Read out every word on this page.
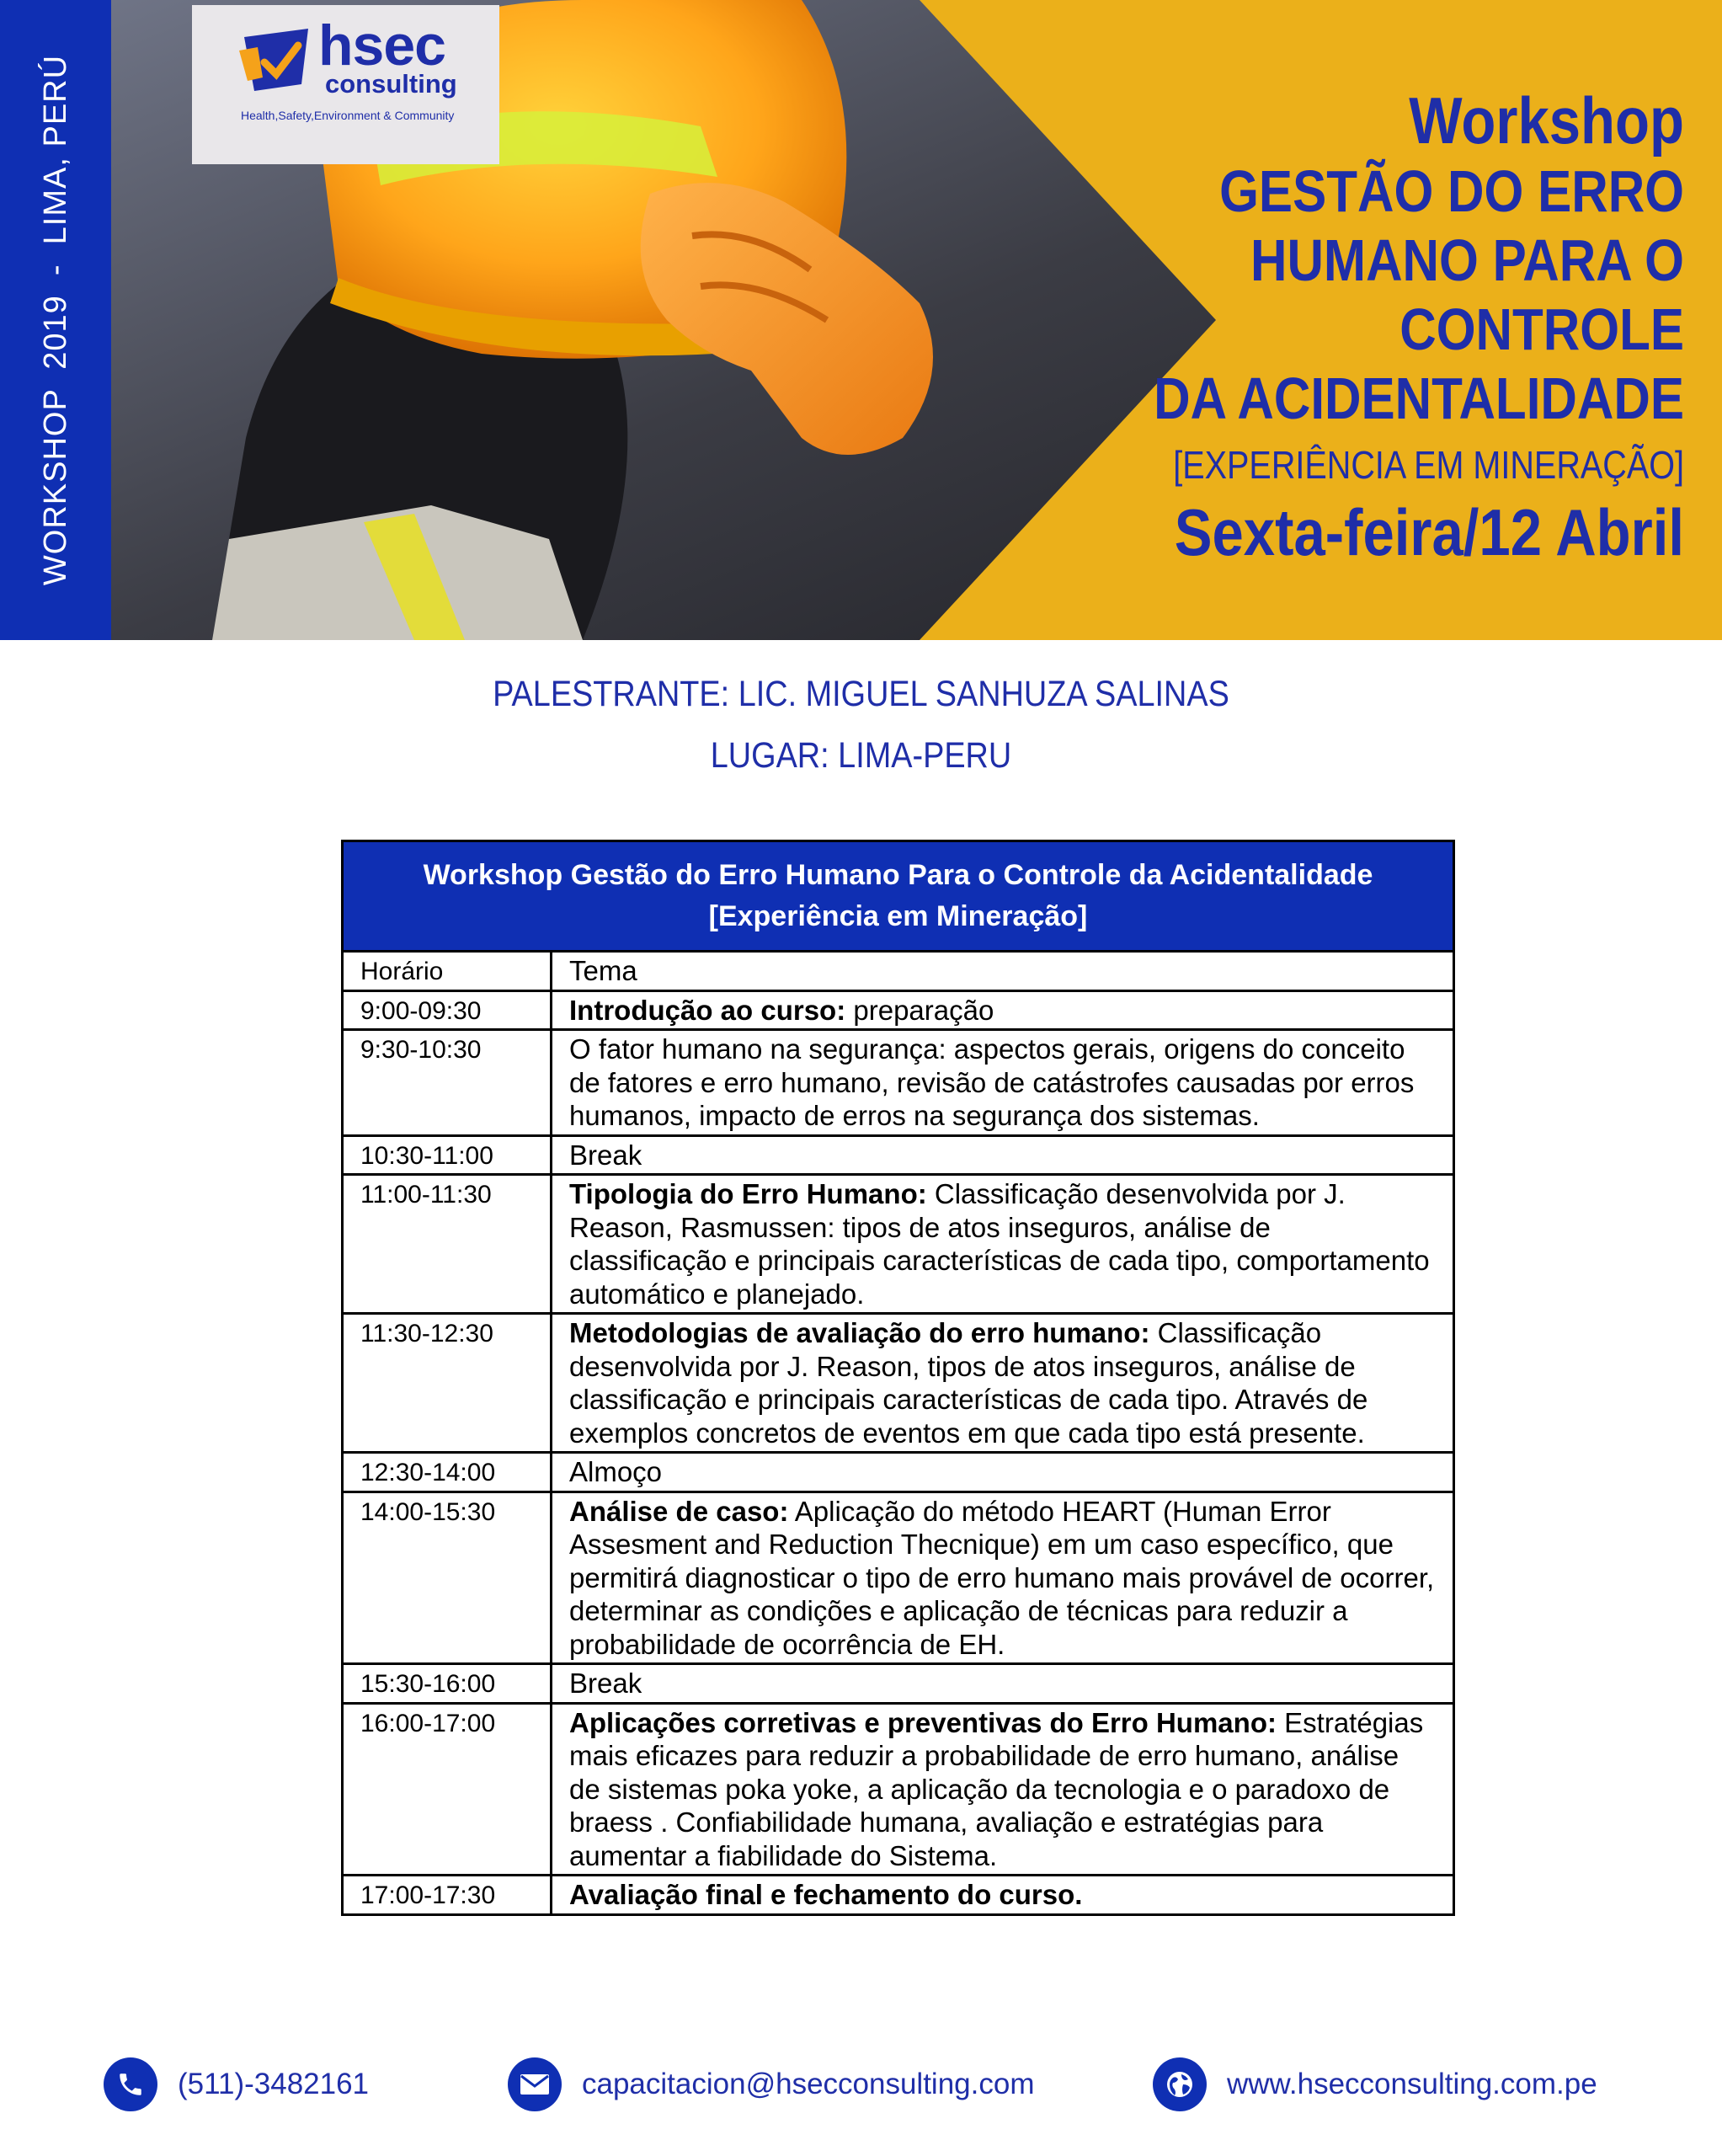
WORKSHOP  2019  -  LIMA, PERÚ
hsec
consulting
Health,Safety,Environment & Community	Workshop
GESTÃO DO ERRO
HUMANO PARA O
CONTROLE
DA ACIDENTALIDADE
[EXPERIÊNCIA EM MINERAÇÃO]
Sexta-feira/12 Abril
PALESTRANTE: LIC. MIGUEL SANHUZA SALINAS
LUGAR: LIMA-PERU
Workshop Gestão do Erro Humano Para o Controle da Acidentalidade
[Experiência em Mineração]
Horário	Tema
9:00-09:30	Introdução ao curso: preparação
9:30-10:30	O fator humano na segurança: aspectos gerais, origens do conceito de fatores e erro humano, revisão de catástrofes causadas por erros humanos, impacto de erros na segurança dos sistemas.
10:30-11:00	Break
11:00-11:30	Tipologia do Erro Humano: Classificação desenvolvida por J. Reason, Rasmussen: tipos de atos inseguros, análise de classificação e principais características de cada tipo, comportamento automático e planejado.
11:30-12:30	Metodologias de avaliação do erro humano: Classificação desenvolvida por J. Reason, tipos de atos inseguros, análise de classificação e principais características de cada tipo. Através de exemplos concretos de eventos em que cada tipo está presente.
12:30-14:00	Almoço
14:00-15:30	Análise de caso: Aplicação do método HEART (Human Error Assesment and Reduction Thecnique) em um caso específico, que permitirá diagnosticar o tipo de erro humano mais provável de ocorrer, determinar as condições e aplicação de técnicas para reduzir a probabilidade de ocorrência de EH.
15:30-16:00	Break
16:00-17:00	Aplicações corretivas e preventivas do Erro Humano: Estratégias mais eficazes para reduzir a probabilidade de erro humano, análise de sistemas poka yoke, a aplicação da tecnologia e o paradoxo de braess . Confiabilidade humana, avaliação e estratégias para aumentar a fiabilidade do Sistema.
17:00-17:30	Avaliação final e fechamento do curso.
(511)-3482161	capacitacion@hsecconsulting.com	www.hsecconsulting.com.pe
